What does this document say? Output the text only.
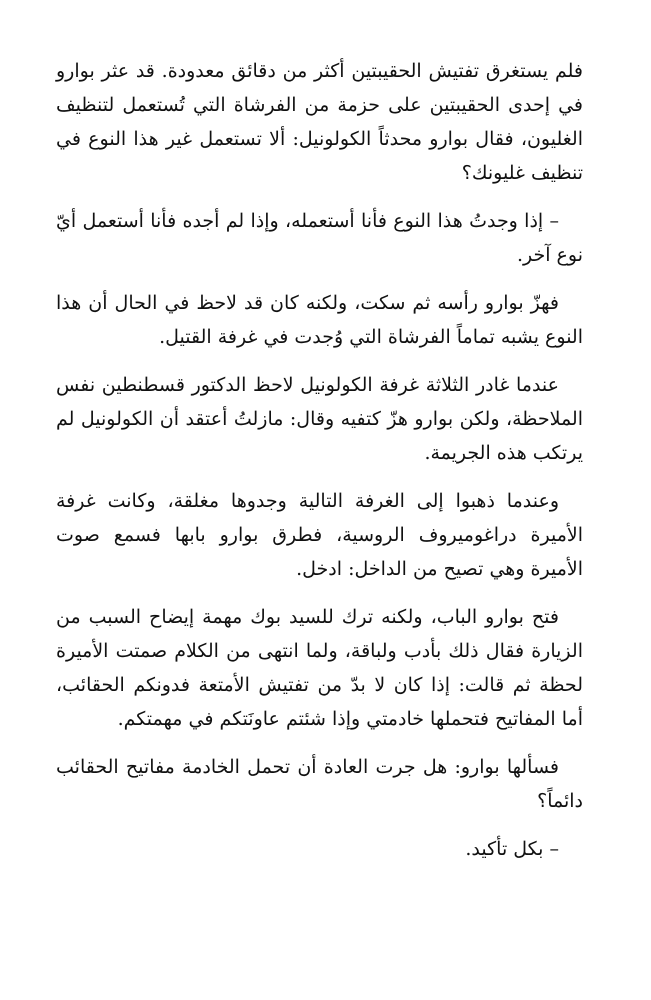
فلم يستغرق تفتيش الحقيبتين أكثر من دقائق معدودة. قد عثر بوارو في إحدى الحقيبتين على حزمة من الفرشاة التي تُستعمل لتنظيف الغليون، فقال بوارو محدثاً الكولونيل: ألا تستعمل غير هذا النوع في تنظيف غليونك؟

– إذا وجدتُ هذا النوع فأنا أستعمله، وإذا لم أجده فأنا أستعمل أيّ نوع آخر.

فهزّ بوارو رأسه ثم سكت، ولكنه كان قد لاحظ في الحال أن هذا النوع يشبه تماماً الفرشاة التي وُجدت في غرفة القتيل.

عندما غادر الثلاثة غرفة الكولونيل لاحظ الدكتور قسطنطين نفس الملاحظة، ولكن بوارو هزّ كتفيه وقال: مازلتُ أعتقد أن الكولونيل لم يرتكب هذه الجريمة.

وعندما ذهبوا إلى الغرفة التالية وجدوها مغلقة، وكانت غرفة الأميرة دراغوميروف الروسية، فطرق بوارو بابها فسمع صوت الأميرة وهي تصيح من الداخل: ادخل.

فتح بوارو الباب، ولكنه ترك للسيد بوك مهمة إيضاح السبب من الزيارة فقال ذلك بأدب ولباقة، ولما انتهى من الكلام صمتت الأميرة لحظة ثم قالت: إذا كان لا بدّ من تفتيش الأمتعة فدونكم الحقائب، أما المفاتيح فتحملها خادمتي وإذا شئتم عاونَتكم في مهمتكم.

فسألها بوارو: هل جرت العادة أن تحمل الخادمة مفاتيح الحقائب دائماً؟

– بكل تأكيد.
